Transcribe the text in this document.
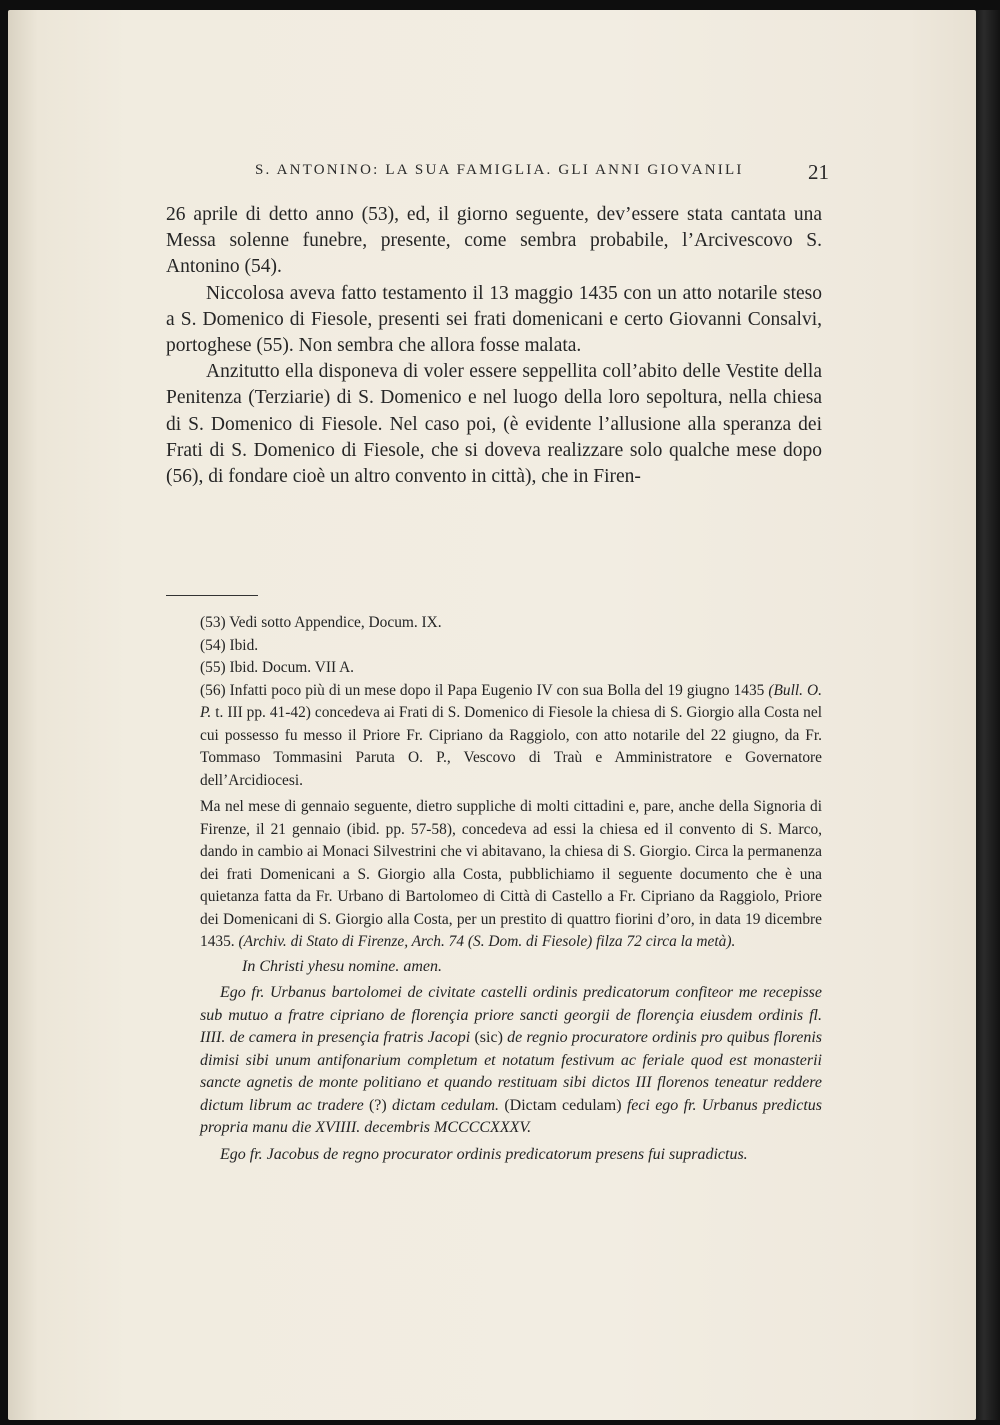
S. ANTONINO: LA SUA FAMIGLIA. GLI ANNI GIOVANILI	21

26 aprile di detto anno (53), ed, il giorno seguente, dev’essere stata cantata una Messa solenne funebre, presente, come sembra probabile, l’Arcivescovo S. Antonino (54).

Niccolosa aveva fatto testamento il 13 maggio 1435 con un atto notarile steso a S. Domenico di Fiesole, presenti sei frati domenicani e certo Giovanni Consalvi, portoghese (55). Non sembra che allora fosse malata.

Anzitutto ella disponeva di voler essere seppellita coll’abito delle Vestite della Penitenza (Terziarie) di S. Domenico e nel luogo della loro sepoltura, nella chiesa di S. Domenico di Fiesole. Nel caso poi, (è evidente l’allusione alla speranza dei Frati di S. Domenico di Fiesole, che si doveva realizzare solo qualche mese dopo (56), di fondare cioè un altro convento in città), che in Firen-

(53) Vedi sotto Appendice, Docum. IX.

(54) Ibid.

(55) Ibid. Docum. VII A.

(56) Infatti poco più di un mese dopo il Papa Eugenio IV con sua Bolla del 19 giugno 1435 (Bull. O. P. t. III pp. 41-42) concedeva ai Frati di S. Domenico di Fiesole la chiesa di S. Giorgio alla Costa nel cui possesso fu messo il Priore Fr. Cipriano da Raggiolo, con atto notarile del 22 giugno, da Fr. Tommaso Tommasini Paruta O. P., Vescovo di Traù e Amministratore e Governatore dell’Arcidiocesi.

Ma nel mese di gennaio seguente, dietro suppliche di molti cittadini e, pare, anche della Signoria di Firenze, il 21 gennaio (ibid. pp. 57-58), concedeva ad essi la chiesa ed il convento di S. Marco, dando in cambio ai Monaci Silvestrini che vi abitavano, la chiesa di S. Giorgio. Circa la permanenza dei frati Domenicani a S. Giorgio alla Costa, pubblichiamo il seguente documento che è una quietanza fatta da Fr. Urbano di Bartolomeo di Città di Castello a Fr. Cipriano da Raggiolo, Priore dei Domenicani di S. Giorgio alla Costa, per un prestito di quattro fiorini d’oro, in data 19 dicembre 1435. (Archiv. di Stato di Firenze, Arch. 74 (S. Dom. di Fiesole) filza 72 circa la metà).

In Christi yhesu nomine. amen.

Ego fr. Urbanus bartolomei de civitate castelli ordinis predicatorum confiteor me recepisse sub mutuo a fratre cipriano de florençia priore sancti georgii de florençia eiusdem ordinis fl. IIII. de camera in presençia fratris Jacopi (sic) de regnio procuratore ordinis pro quibus florenis dimisi sibi unum antifonarium completum et notatum festivum ac feriale quod est monasterii sancte agnetis de monte politiano et quando restituam sibi dictos III florenos teneatur reddere dictum librum ac tradere (?) dictam cedulam. (Dictam cedulam) feci ego fr. Urbanus predictus propria manu die XVIIII. decembris MCCCCXXXV.

Ego fr. Jacobus de regno procurator ordinis predicatorum presens fui supradictus.
